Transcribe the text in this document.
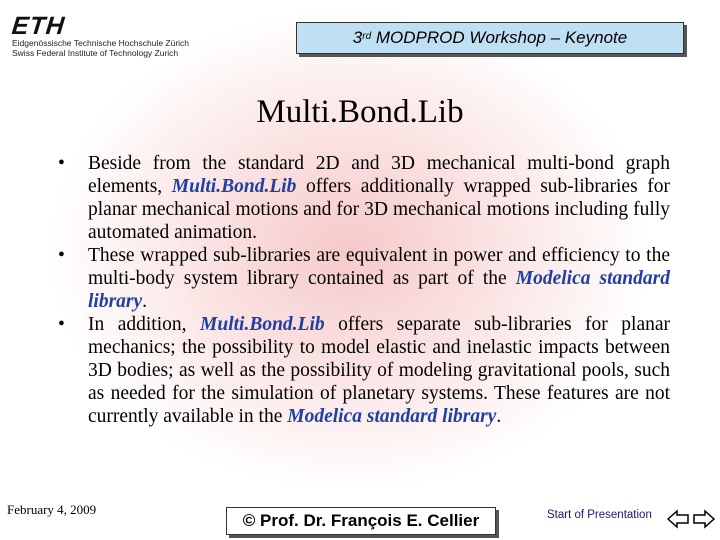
ETH
Eidgenössische Technische Hochschule Zürich
Swiss Federal Institute of Technology Zurich
3rd MODPROD Workshop – Keynote
Multi.Bond.Lib

• Beside from the standard 2D and 3D mechanical multi-bond graph elements, Multi.Bond.Lib offers additionally wrapped sub-libraries for planar mechanical motions and for 3D mechanical motions including fully automated animation.

• These wrapped sub-libraries are equivalent in power and efficiency to the multi-body system library contained as part of the Modelica standard library.

• In addition, Multi.Bond.Lib offers separate sub-libraries for planar mechanics; the possibility to model elastic and inelastic impacts between 3D bodies; as well as the possibility of modeling gravitational pools, such as needed for the simulation of planetary systems. These features are not currently available in the Modelica standard library.

February 4, 2009
© Prof. Dr. François E. Cellier	Start of Presentation
